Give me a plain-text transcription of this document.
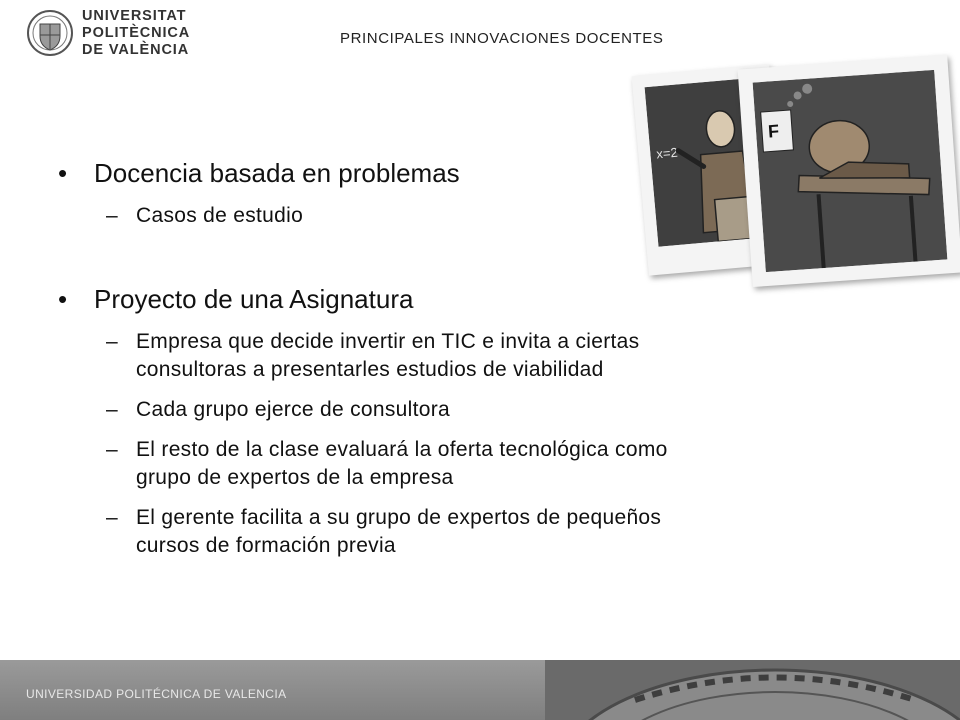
UNIVERSITAT
POLITÈCNICA
DE VALÈNCIA
PRINCIPALES INNOVACIONES DOCENTES
x=2
F
• Docencia basada en problemas
– Casos de estudio
• Proyecto de una Asignatura
– Empresa que decide invertir en TIC e invita a ciertas
consultoras a presentarles estudios de viabilidad
– Cada grupo ejerce de consultora
– El resto de la clase evaluará la oferta tecnológica como
grupo de expertos de la empresa
– El gerente facilita a su grupo de expertos de pequeños
cursos de formación previa
UNIVERSIDAD POLITÉCNICA DE VALENCIA
